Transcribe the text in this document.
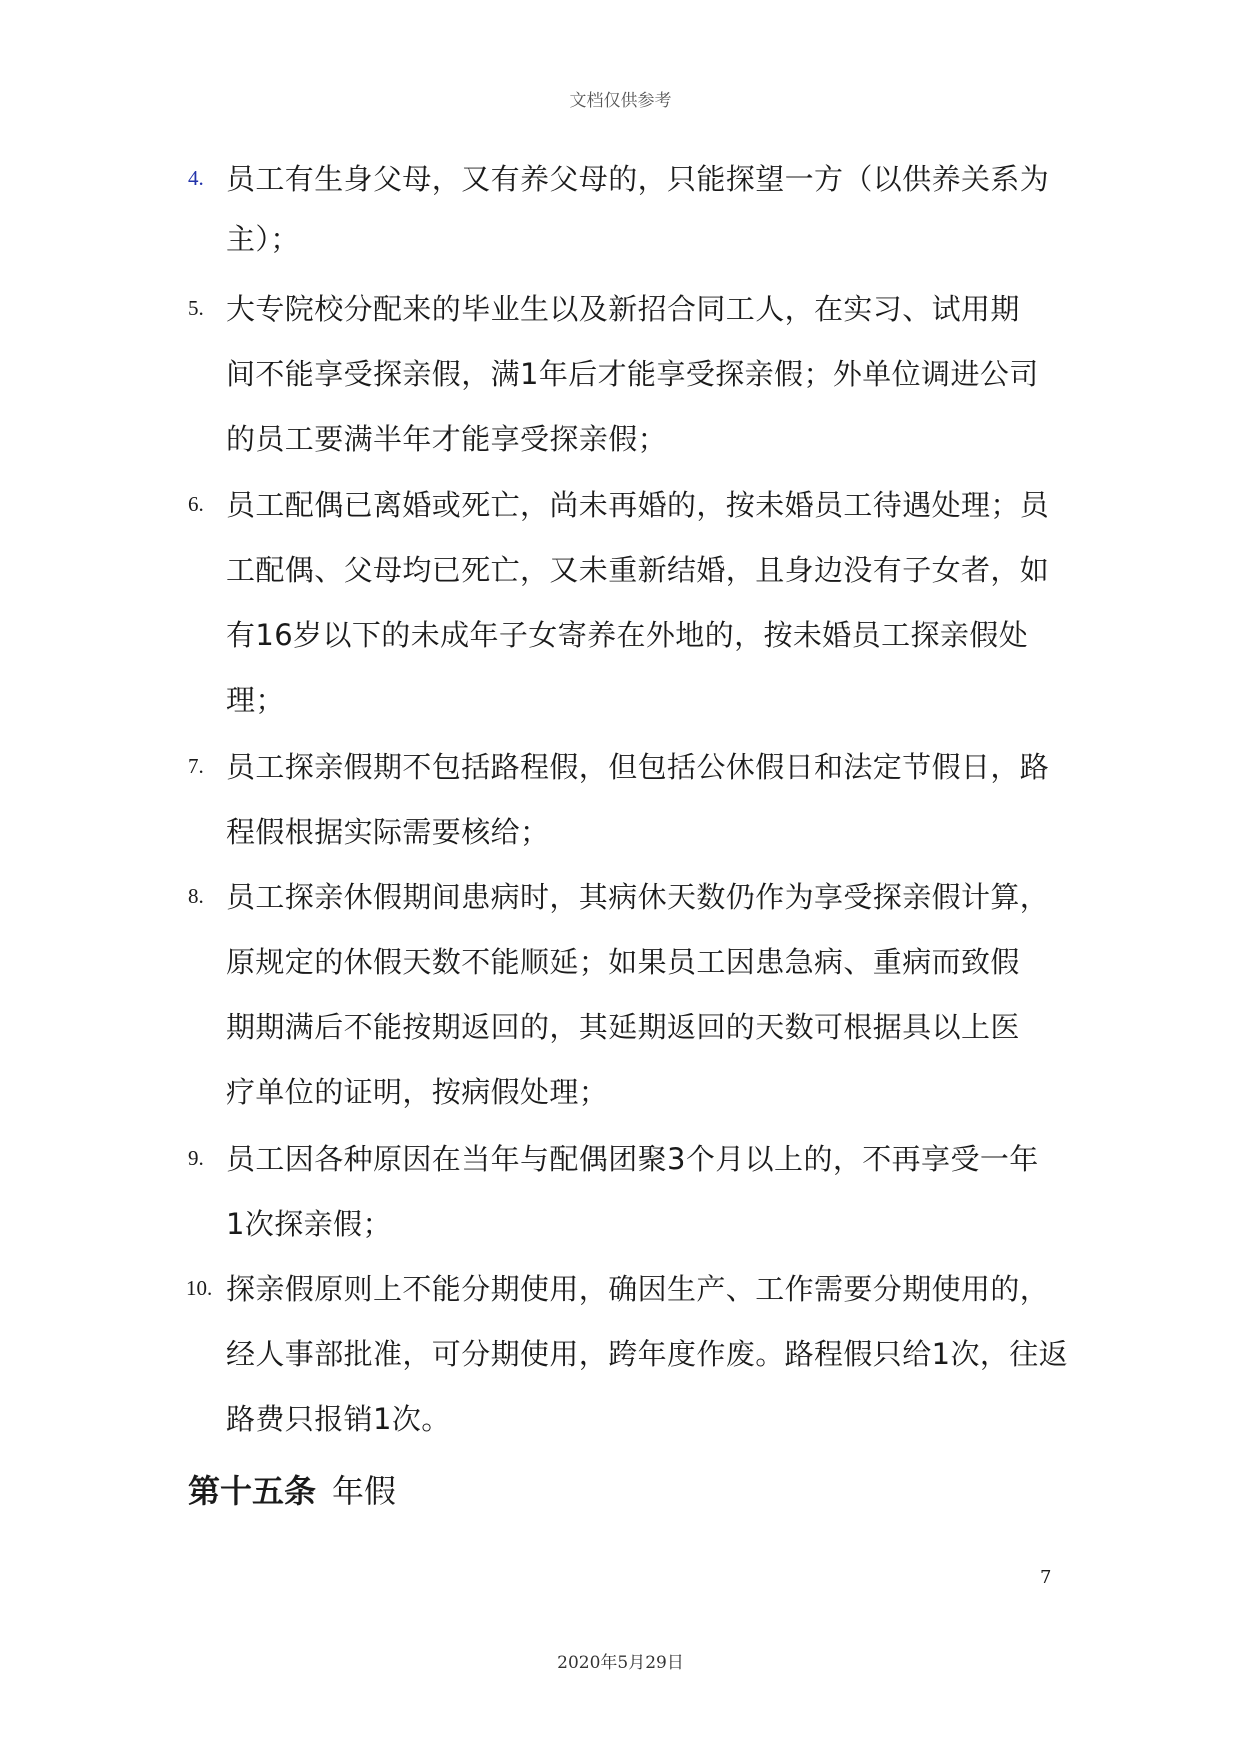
文档仅供参考
4. 员工有生身父母，又有养父母的，只能探望一方（以供养关系为
主）；
5. 大专院校分配来的毕业生以及新招合同工人，在实习、试用期
间不能享受探亲假，满1年后才能享受探亲假；外单位调进公司
的员工要满半年才能享受探亲假；
6. 员工配偶已离婚或死亡，尚未再婚的，按未婚员工待遇处理；员
工配偶、父母均已死亡，又未重新结婚，且身边没有子女者，如
有16岁以下的未成年子女寄养在外地的，按未婚员工探亲假处
理；
7. 员工探亲假期不包括路程假，但包括公休假日和法定节假日，路
程假根据实际需要核给；
8. 员工探亲休假期间患病时，其病休天数仍作为享受探亲假计算，
原规定的休假天数不能顺延；如果员工因患急病、重病而致假
期期满后不能按期返回的，其延期返回的天数可根据具以上医
疗单位的证明，按病假处理；
9. 员工因各种原因在当年与配偶团聚3个月以上的，不再享受一年
1次探亲假；
10. 探亲假原则上不能分期使用，确因生产、工作需要分期使用的，
经人事部批准，可分期使用，跨年度作废。路程假只给1次，往返
路费只报销1次。
第十五条 年假
7
2020年5月29日
